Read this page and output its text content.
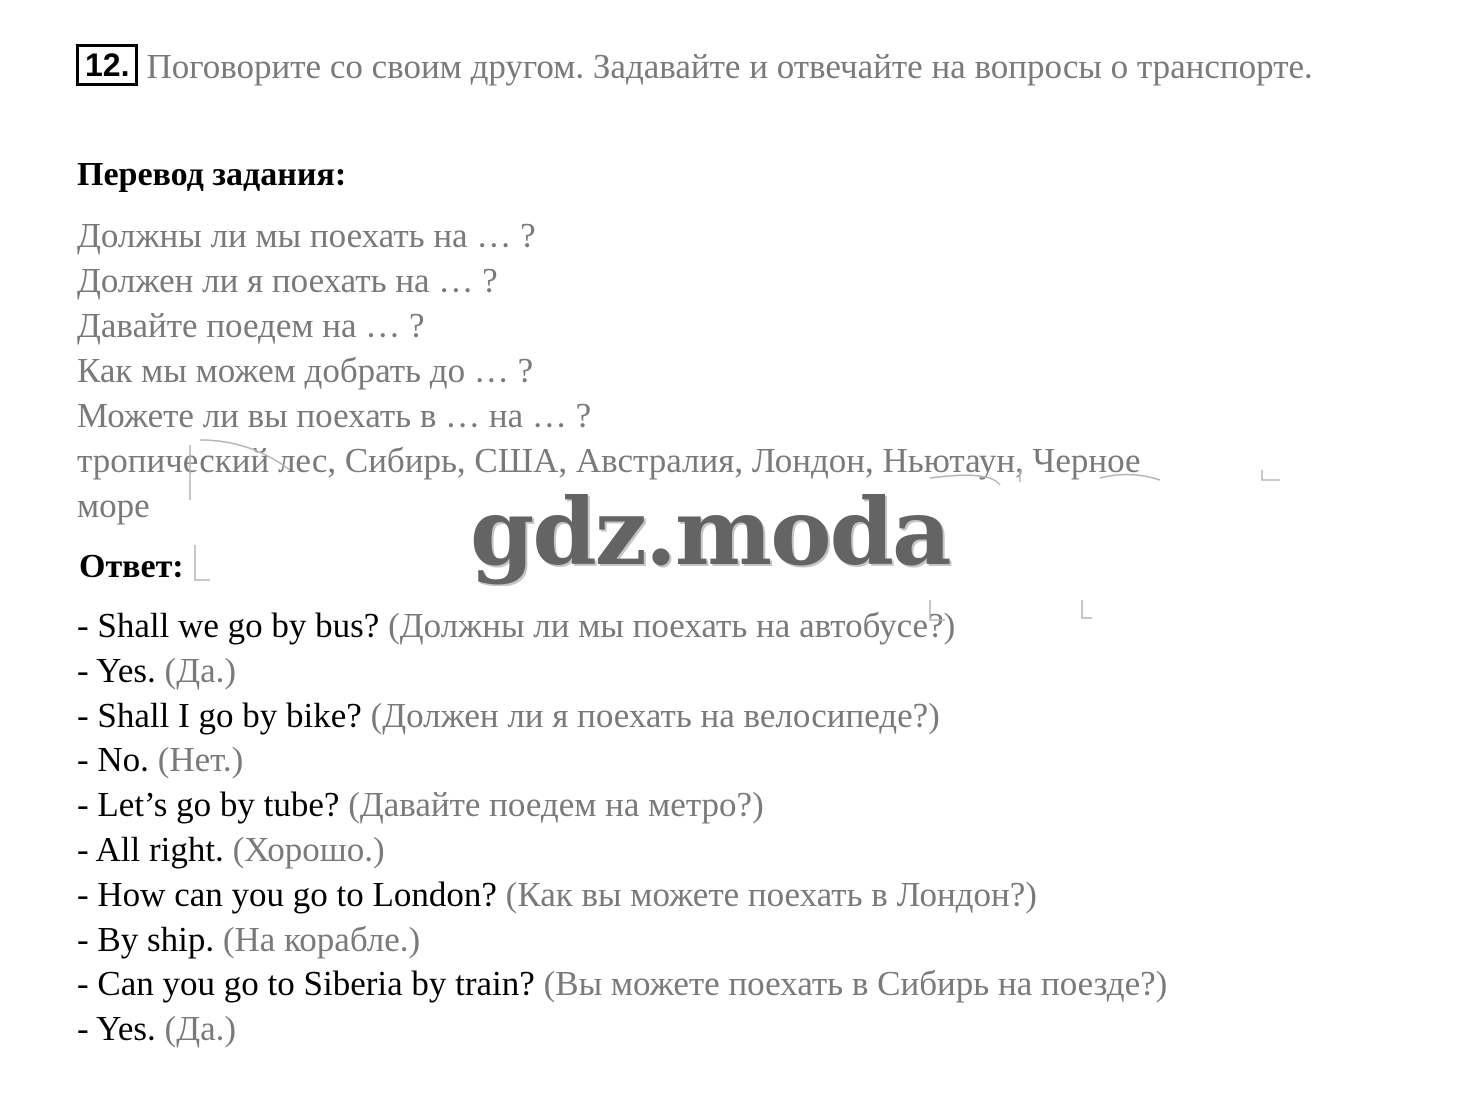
12. Поговорите со своим другом. Задавайте и отвечайте на вопросы о транспорте.
Перевод задания:
Должны ли мы поехать на … ?
Должен ли я поехать на … ?
Давайте поедем на … ?
Как мы можем добрать до … ?
Можете ли вы поехать в … на … ?
тропический лес, Сибирь, США, Австралия, Лондон, Ньютаун, Черное
море
Ответ:
- Shall we go by bus? (Должны ли мы поехать на автобусе?)
- Yes. (Да.)
- Shall I go by bike? (Должен ли я поехать на велосипеде?)
- No. (Нет.)
- Let’s go by tube? (Давайте поедем на метро?)
- All right. (Хорошо.)
- How can you go to London? (Как вы можете поехать в Лондон?)
- By ship. (На корабле.)
- Can you go to Siberia by train? (Вы можете поехать в Сибирь на поезде?)
- Yes. (Да.)
gdz.moda
